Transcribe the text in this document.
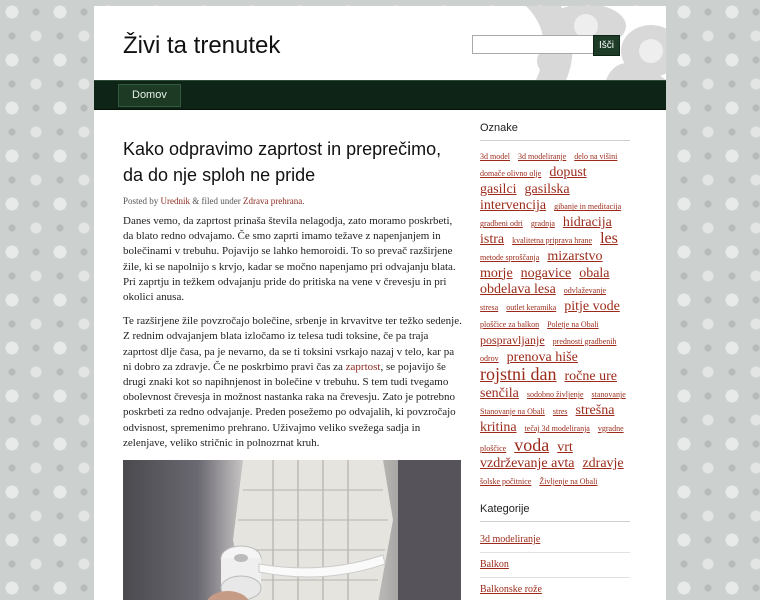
Živi ta trenutek	Išči
Domov
Kako odpravimo zaprtost in preprečimo, da do nje sploh ne pride
Posted by Urednik & filed under Zdrava prehrana.

Danes vemo, da zaprtost prinaša števila nelagodja, zato moramo poskrbeti, da blato redno odvajamo. Če smo zaprti imamo težave z napenjanjem in bolečinami v trebuhu. Pojavijo se lahko hemoroidi. To so prevač razširjene žile, ki se napolnijo s krvjo, kadar se močno napenjamo pri odvajanju blata. Pri zaprtju in težkem odvajanju pride do pritiska na vene v črevesju in pri okolici anusa.

Te razširjene žile povzročajo bolečine, srbenje in krvavitve ter težko sedenje. Z rednim odvajanjem blata izločamo iz telesa tudi toksine, če pa traja zaprtost dlje časa, pa je nevarno, da se ti toksini vsrkajo nazaj v telo, kar pa ni dobro za zdravje. Če ne poskrbimo pravi čas za zaprtost, se pojavijo še drugi znaki kot so napihnjenost in bolečine v trebuhu. S tem tudi tvegamo obolevnost črevesja in možnost nastanka raka na črevesju. Zato je potrebno poskrbeti za redno odvajanje. Preden posežemo po odvajalih, ki povzročajo odvisnost, spremenimo prehrano. Uživajmo veliko svežega sadja in zelenjave, veliko stričnic in polnozrnat kruh.

Oznake
3d model 3d modeliranje delo na višini domače olivno olje dopust gasilci gasilska intervencija gibanje in meditacija gradbeni odri gradnja hidracija istra kvalitetna priprava hrane les metode sproščanja mizarstvo morje nogavice obala obdelava lesa odvlaževanje stresa outlet keramika pitje vode ploščice za balkon Poletje na Obali pospravljanje prednosti gradbenih odrov prenova hiše rojstni dan ročne ure senčila sodobno življenje stanovanje Stanovanje na Obali stres strešna kritina tečaj 3d modeliranja vgradne ploščice voda vrt vzdrževanje avta zdravje šolske počitnice Življenje na Obali
Kategorije
3d modeliranje
Balkon
Balkonske rože
